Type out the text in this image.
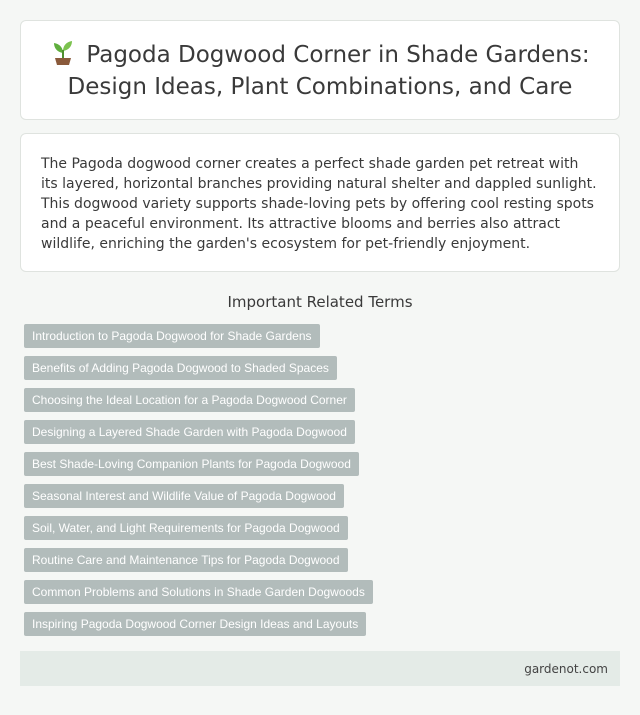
Pagoda Dogwood Corner in Shade Gardens: Design Ideas, Plant Combinations, and Care

The Pagoda dogwood corner creates a perfect shade garden pet retreat with its layered, horizontal branches providing natural shelter and dappled sunlight. This dogwood variety supports shade-loving pets by offering cool resting spots and a peaceful environment. Its attractive blooms and berries also attract wildlife, enriching the garden's ecosystem for pet-friendly enjoyment.

Important Related Terms
Introduction to Pagoda Dogwood for Shade Gardens
Benefits of Adding Pagoda Dogwood to Shaded Spaces
Choosing the Ideal Location for a Pagoda Dogwood Corner
Designing a Layered Shade Garden with Pagoda Dogwood
Best Shade-Loving Companion Plants for Pagoda Dogwood
Seasonal Interest and Wildlife Value of Pagoda Dogwood
Soil, Water, and Light Requirements for Pagoda Dogwood
Routine Care and Maintenance Tips for Pagoda Dogwood
Common Problems and Solutions in Shade Garden Dogwoods
Inspiring Pagoda Dogwood Corner Design Ideas and Layouts
gardenot.com
